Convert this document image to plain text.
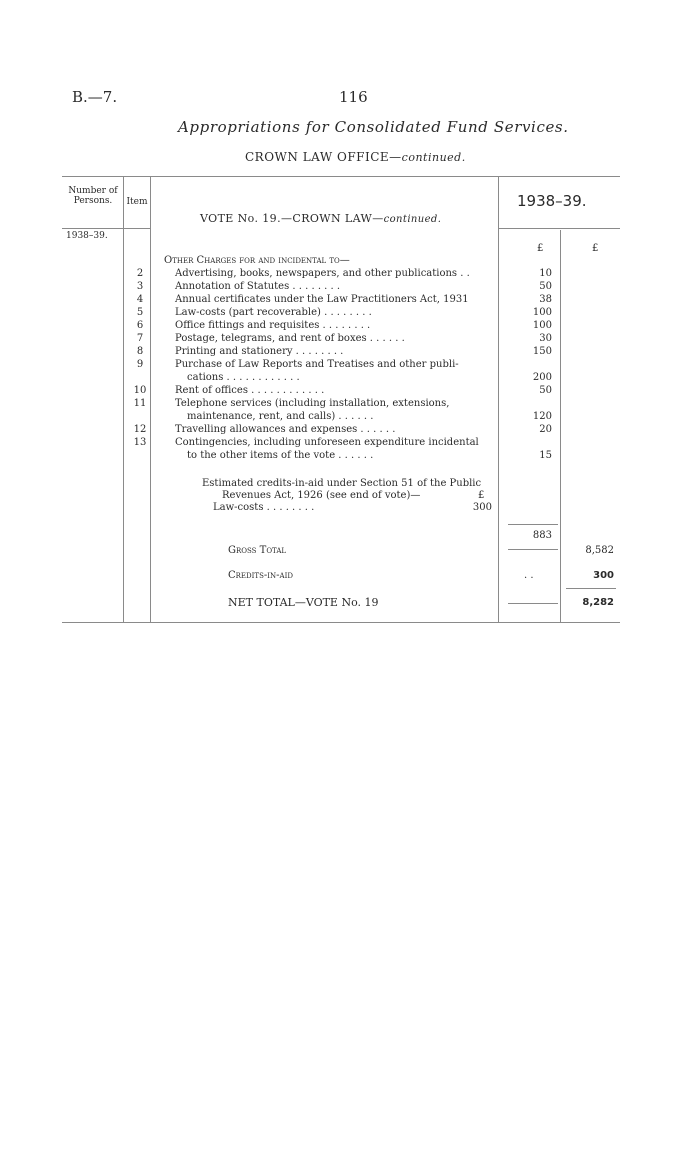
B.—7.	116
Appropriations for Consolidated Fund Services.
CROWN LAW OFFICE—continued.
Number of Persons.	Item
1938–39.
VOTE No. 19.—CROWN LAW—continued.
1938–39.
£	£
Other Charges for and incidental to—
2	Advertising, books, newspapers, and other publications . .	10
3	Annotation of Statutes . . . . . . . .	50
4	Annual certificates under the Law Practitioners Act, 1931	38
5	Law-costs (part recoverable) . . . . . . . .	100
6	Office fittings and requisites . . . . . . . .	100
7	Postage, telegrams, and rent of boxes . . . . . .	30
8	Printing and stationery . . . . . . . .	150
9	Purchase of Law Reports and Treatises and other publi-
cations . . . . . . . . . . . .	200
10	Rent of offices . . . . . . . . . . . .	50
11	Telephone services (including installation, extensions,
maintenance, rent, and calls) . . . . . .	120
12	Travelling allowances and expenses . . . . . .	20
13	Contingencies, including unforeseen expenditure incidental
to the other items of the vote . . . . . .	15
Estimated credits-in-aid under Section 51 of the Public
Revenues Act, 1926 (see end of vote)—	£
Law-costs . . . . . . . .	300
883
Gross Total	8,582
Credits-in-aid	. .	300
NET TOTAL—VOTE No. 19	8,282
